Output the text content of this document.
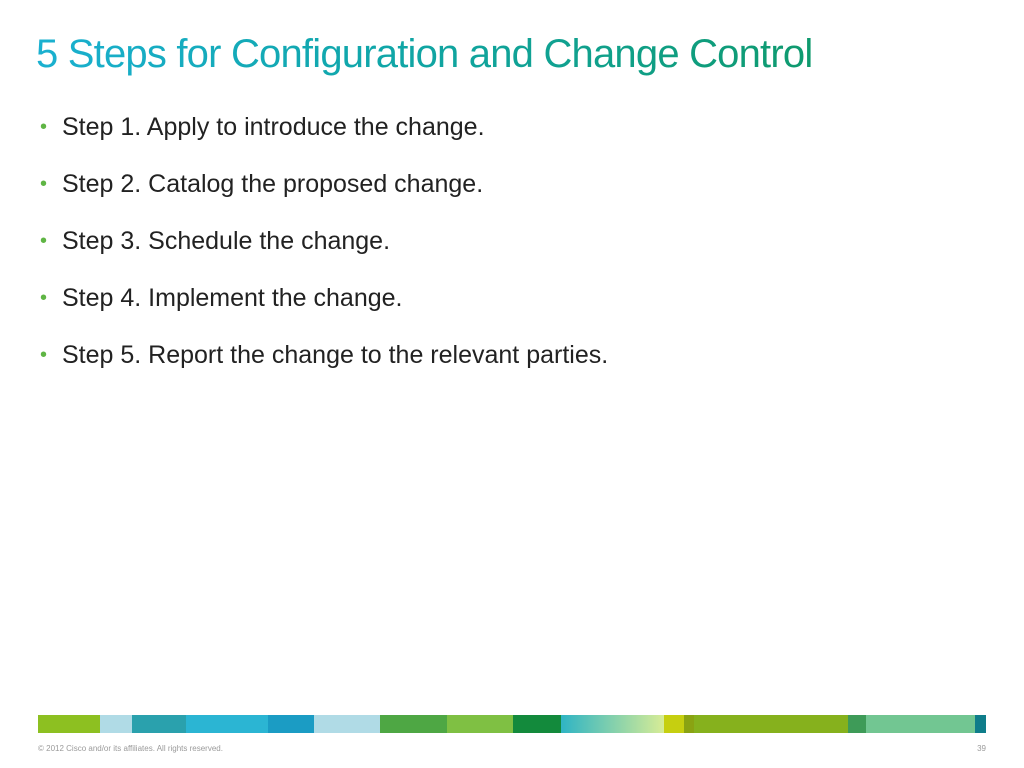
5 Steps for Configuration and Change Control
• Step 1. Apply to introduce the change.
• Step 2. Catalog the proposed change.
• Step 3. Schedule the change.
• Step 4. Implement the change.
• Step 5. Report the change to the relevant parties.
© 2012 Cisco and/or its affiliates. All rights reserved.	39
